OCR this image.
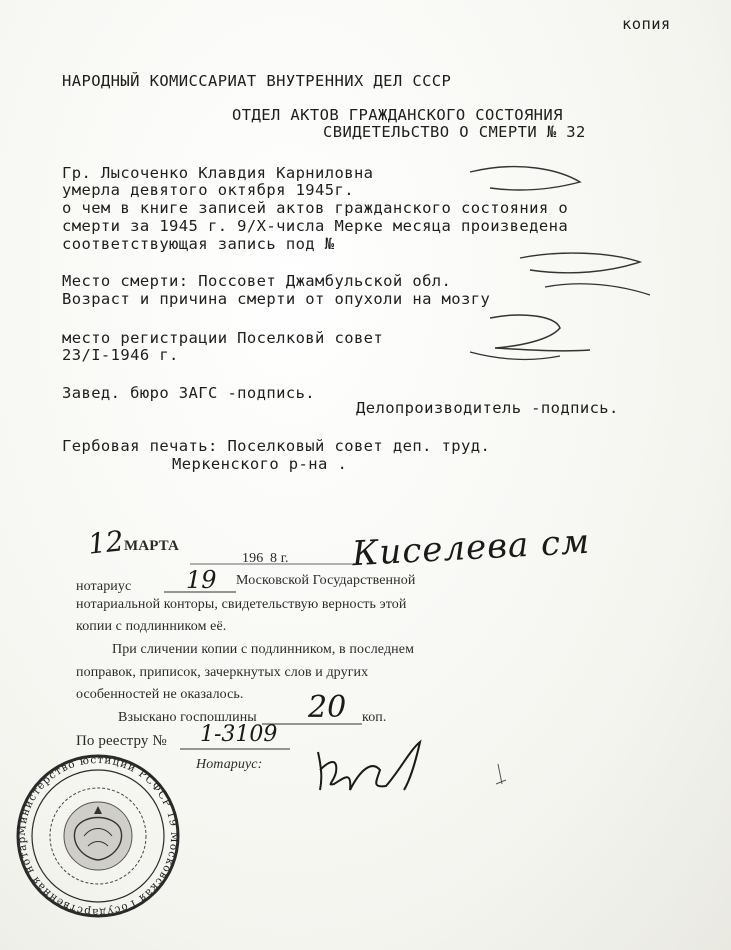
копия
НАРОДНЫЙ КОМИССАРИАТ ВНУТРЕННИХ ДЕЛ СССР
ОТДЕЛ АКТОВ ГРАЖДАНСКОГО СОСТОЯНИЯ
СВИДЕТЕЛЬСТВО О СМЕРТИ № 32
Гр. Лысоченко Клавдия Карниловна
умерла девятого октября 1945г.
о чем в книге записей актов гражданского состояния о
смерти за 1945 г. 9/X-числа Мерке месяца произведена
соответствующая запись под №
Место смерти: Поссовет Джамбульской обл.
Возраст и причина смерти от опухоли на мозгу
место регистрации Поселковй совет
23/I-1946 г.
Завед. бюро ЗАГС -подпись.
Делопроизводитель -подпись.
Гербовая печать: Поселковый совет деп. труд.
Меркенского р-на .
12
МАРТА
196 8 г. Киселева см
нотариус 19 Московской Государственной
нотариальной конторы, свидетельствую верность этой
копии с подлинником её.
При сличении копии с подлинником, в последнем
поправок, приписок, зачеркнутых слов и других
особенностей не оказалось.
Взыскано госпошлины 20 коп.
По реестру № 1-3109
Нотариус:
Министерство юстиции РСФСР 19 Московская Государственная нотар
